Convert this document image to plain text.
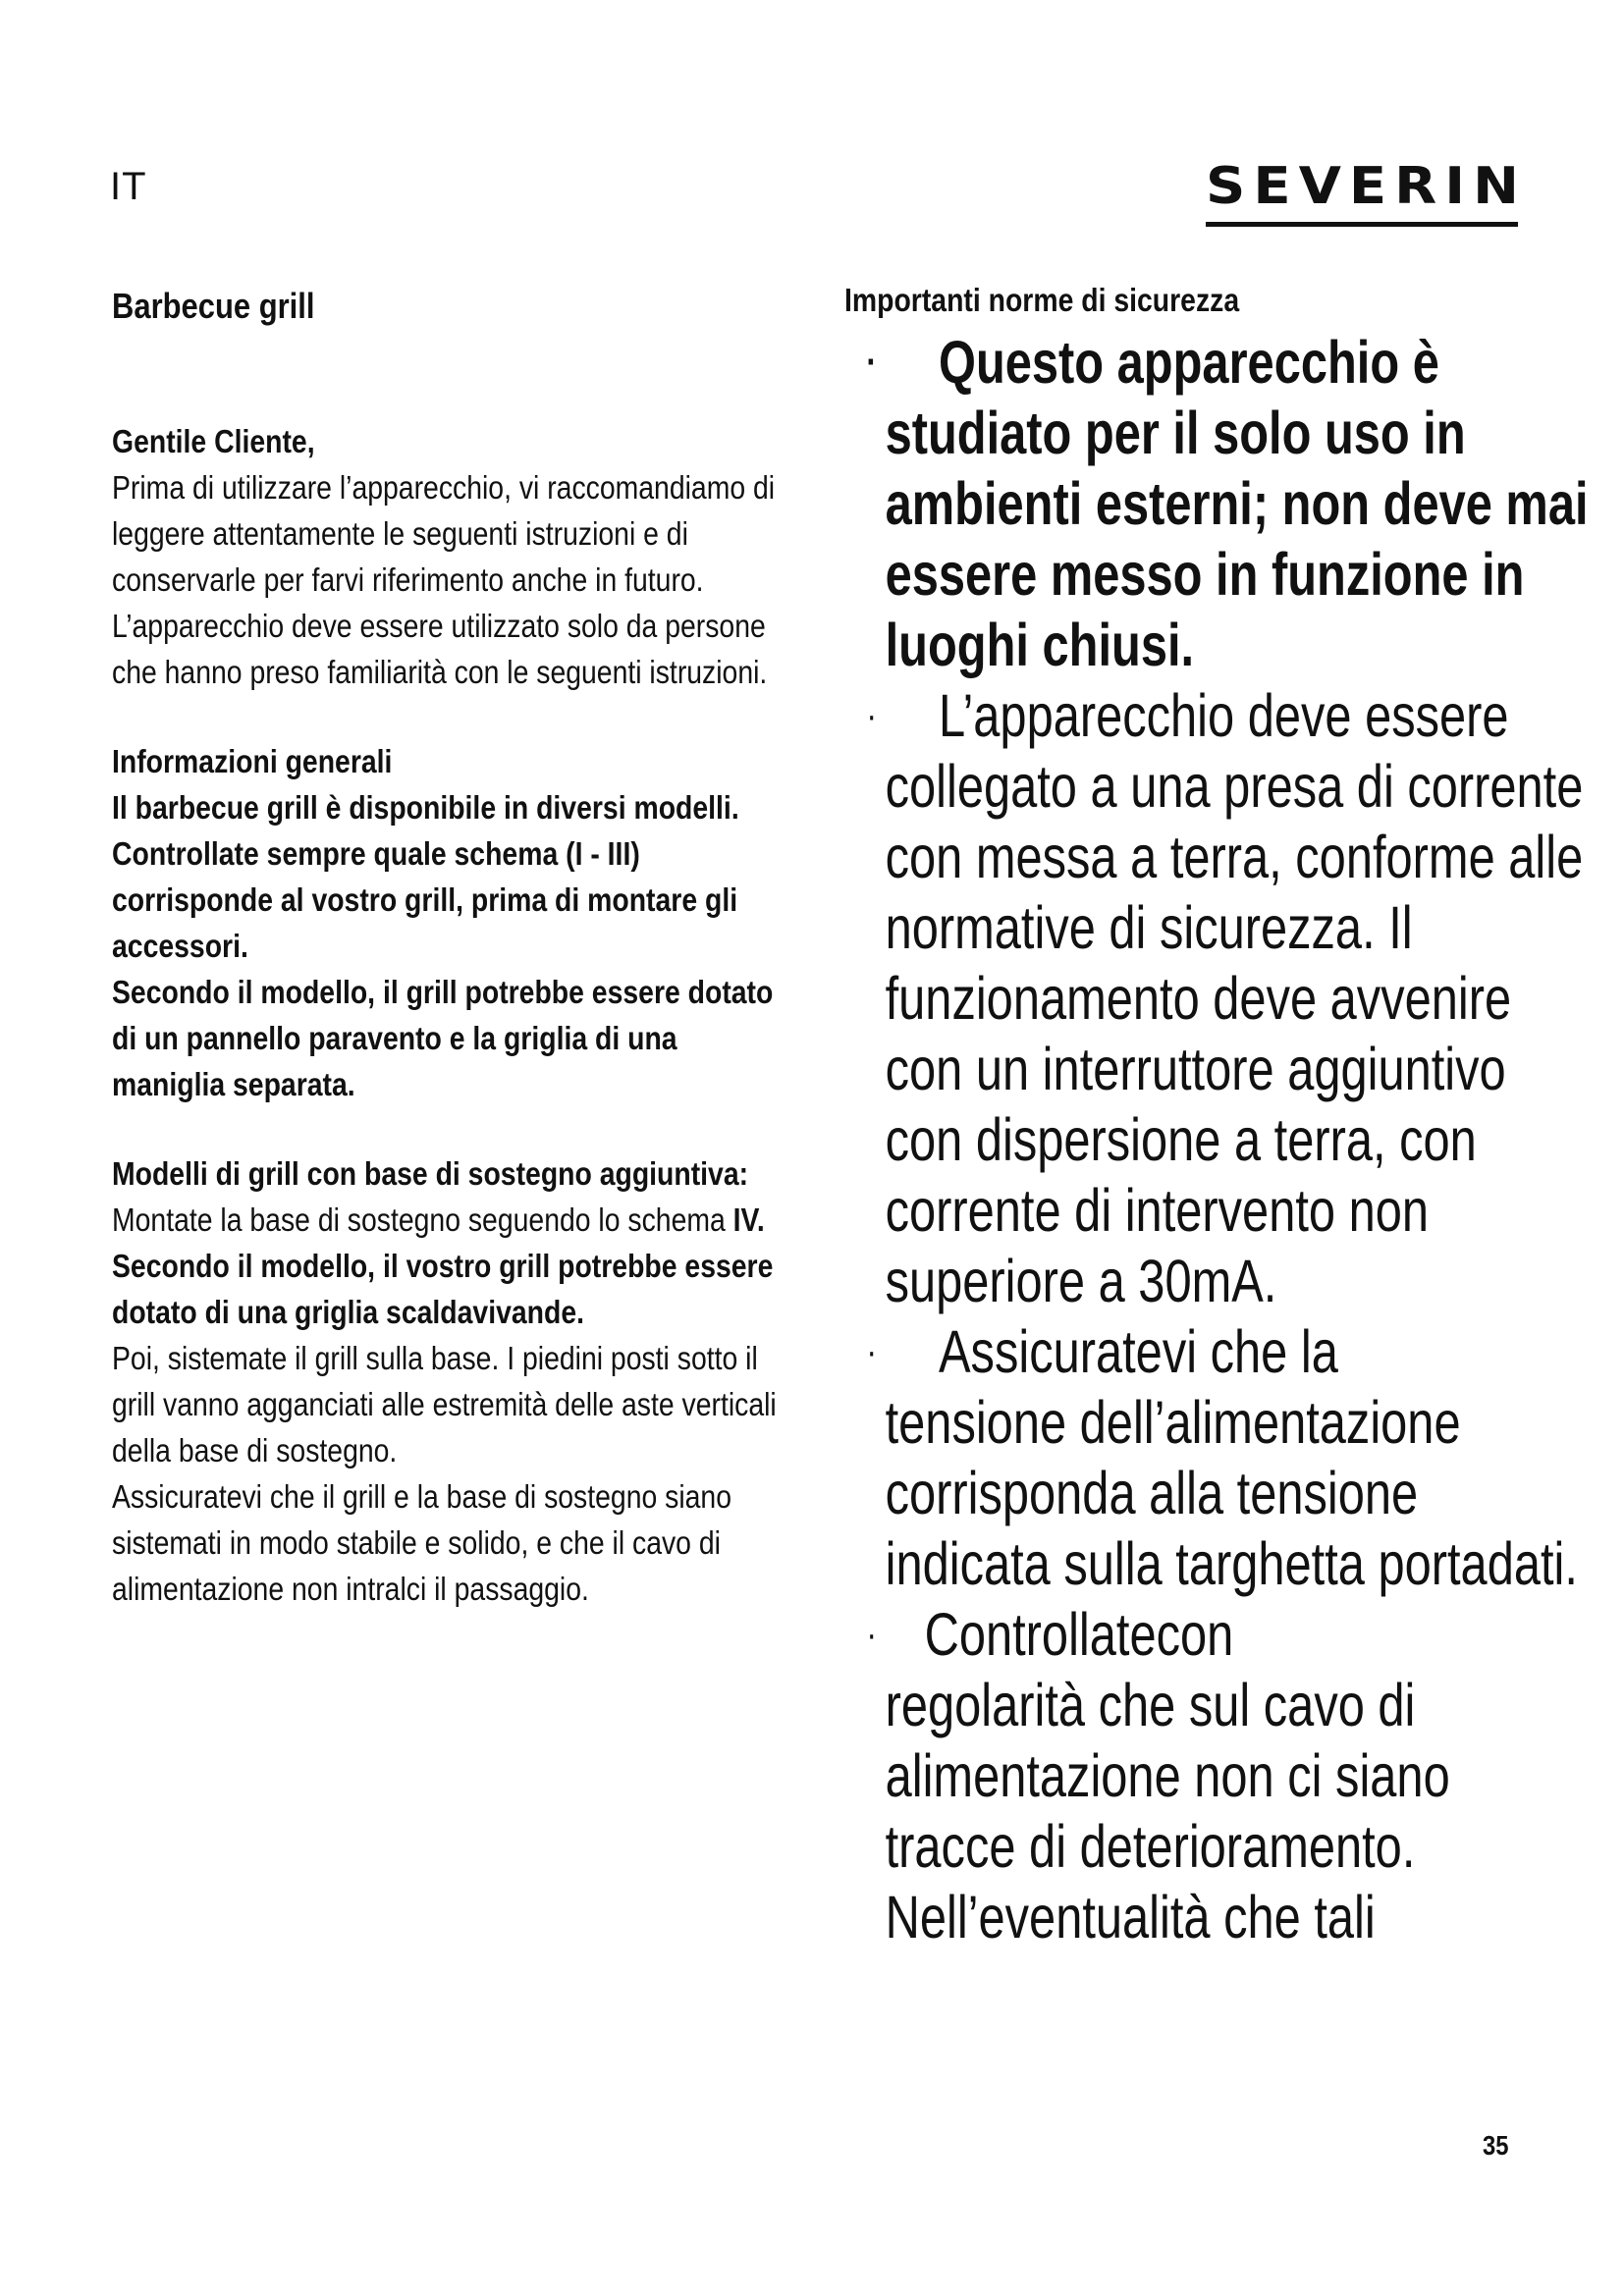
IT	SEVERIN
Barbecue grill

Gentile Cliente,

Prima di utilizzare l’apparecchio, vi raccomandiamo di leggere attentamente le seguenti istruzioni e di conservarle per farvi riferimento anche in futuro. L’apparecchio deve essere utilizzato solo da persone che hanno preso familiarità con le seguenti istruzioni.

Informazioni generali

Il barbecue grill è disponibile in diversi modelli.

Controllate sempre quale schema (I - III) corrisponde al vostro grill, prima di montare gli accessori.

Secondo il modello, il grill potrebbe essere dotato di un pannello paravento e la griglia di una maniglia separata.

Modelli di grill con base di sostegno aggiuntiva:

Montate la base di sostegno seguendo lo schema IV. Secondo il modello, il vostro grill potrebbe essere dotato di una griglia scaldavivande.

Poi, sistemate il grill sulla base. I piedini posti sotto il grill vanno agganciati alle estremità delle aste verticali della base di sostegno.

Assicuratevi che il grill e la base di sostegno siano sistemati in modo stabile e solido, e che il cavo di alimentazione non intralci il passaggio.

Importanti norme di sicurezza
·	Questo apparecchio è
studiato per il solo uso in ambienti esterni; non deve mai essere messo in funzione in luoghi chiusi.
·	L’apparecchio deve essere
collegato a una presa di corrente con messa a terra, conforme alle normative di sicurezza. Il funzionamento deve avvenire con un interruttore aggiuntivo con dispersione a terra, con corrente di intervento non superiore a 30mA.
·	Assicuratevi che la
tensione dell’alimentazione corrisponda alla tensione indicata sulla targhetta portadati.
· Controllatecon
regolarità che sul cavo di alimentazione non ci siano tracce di deterioramento. Nell’eventualità che tali
35
